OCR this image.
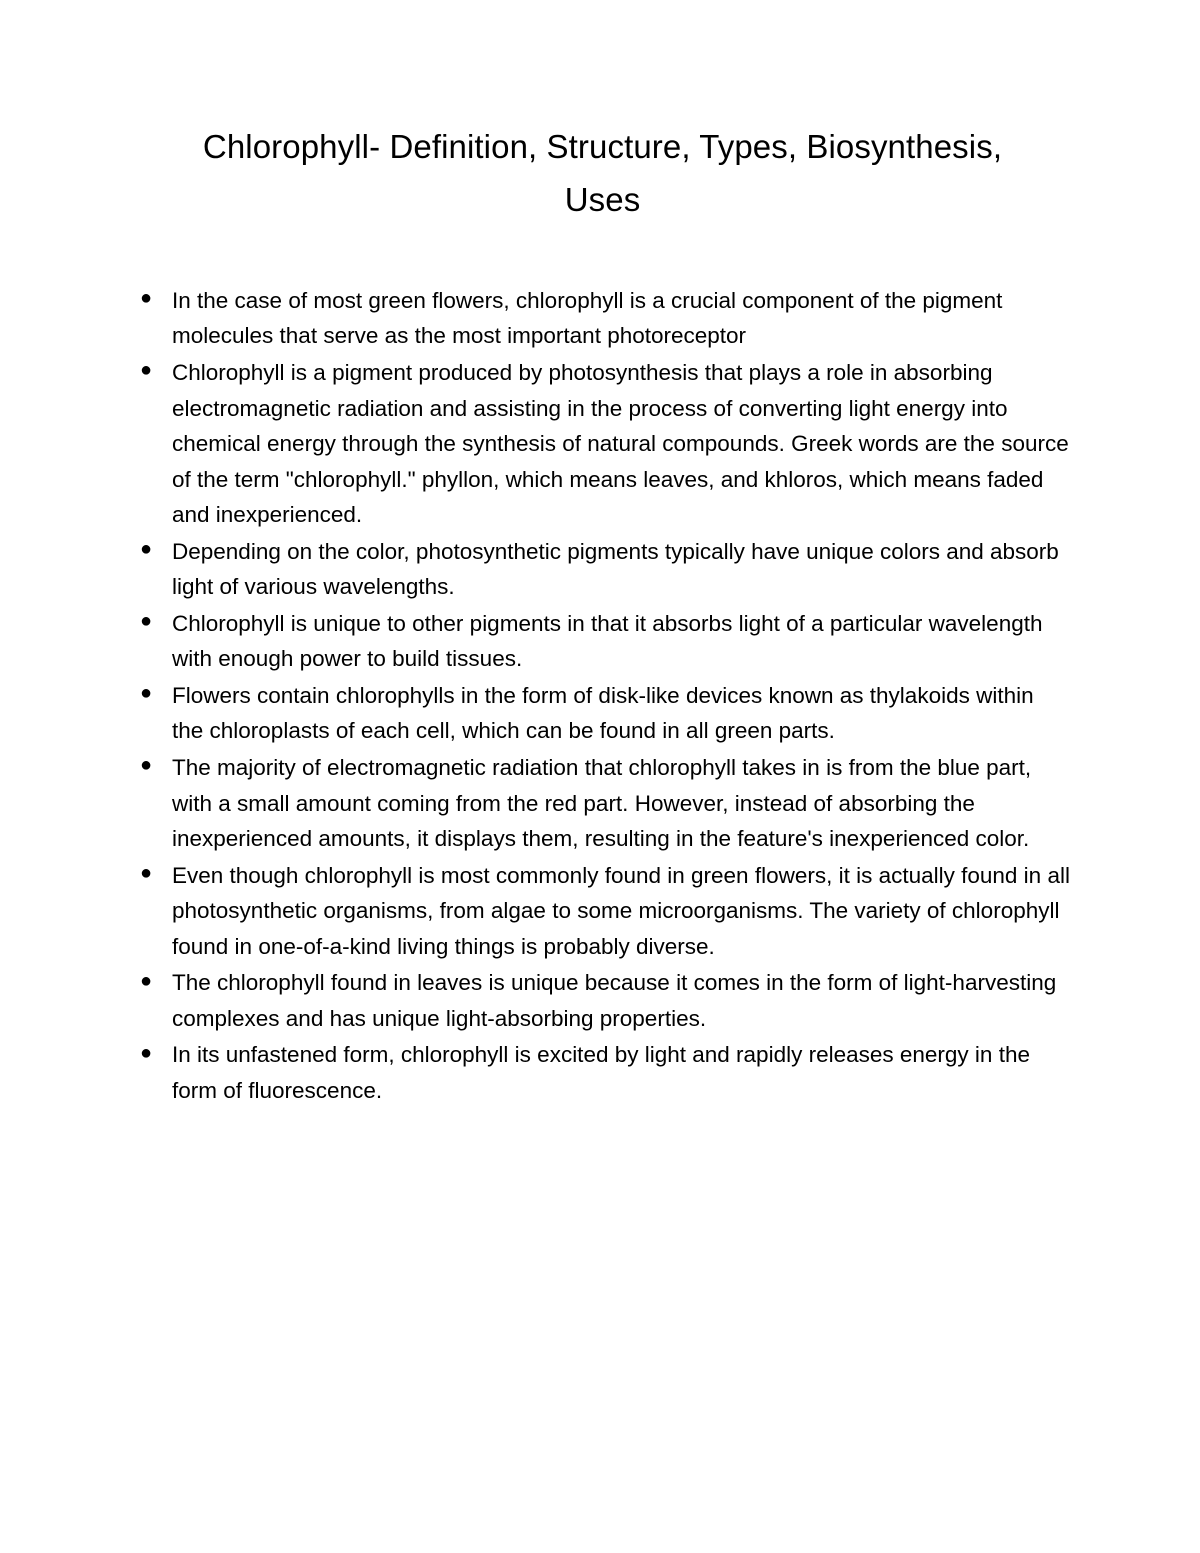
Chlorophyll- Definition, Structure, Types, Biosynthesis, Uses
● In the case of most green flowers, chlorophyll is a crucial component of the pigment molecules that serve as the most important photoreceptor
● Chlorophyll is a pigment produced by photosynthesis that plays a role in absorbing electromagnetic radiation and assisting in the process of converting light energy into chemical energy through the synthesis of natural compounds. Greek words are the source of the term "chlorophyll." phyllon, which means leaves, and khloros, which means faded and inexperienced.
● Depending on the color, photosynthetic pigments typically have unique colors and absorb light of various wavelengths.
● Chlorophyll is unique to other pigments in that it absorbs light of a particular wavelength with enough power to build tissues.
● Flowers contain chlorophylls in the form of disk-like devices known as thylakoids within the chloroplasts of each cell, which can be found in all green parts.
● The majority of electromagnetic radiation that chlorophyll takes in is from the blue part, with a small amount coming from the red part. However, instead of absorbing the inexperienced amounts, it displays them, resulting in the feature's inexperienced color.
● Even though chlorophyll is most commonly found in green flowers, it is actually found in all photosynthetic organisms, from algae to some microorganisms. The variety of chlorophyll found in one-of-a-kind living things is probably diverse.
● The chlorophyll found in leaves is unique because it comes in the form of light-harvesting complexes and has unique light-absorbing properties.
● In its unfastened form, chlorophyll is excited by light and rapidly releases energy in the form of fluorescence.
